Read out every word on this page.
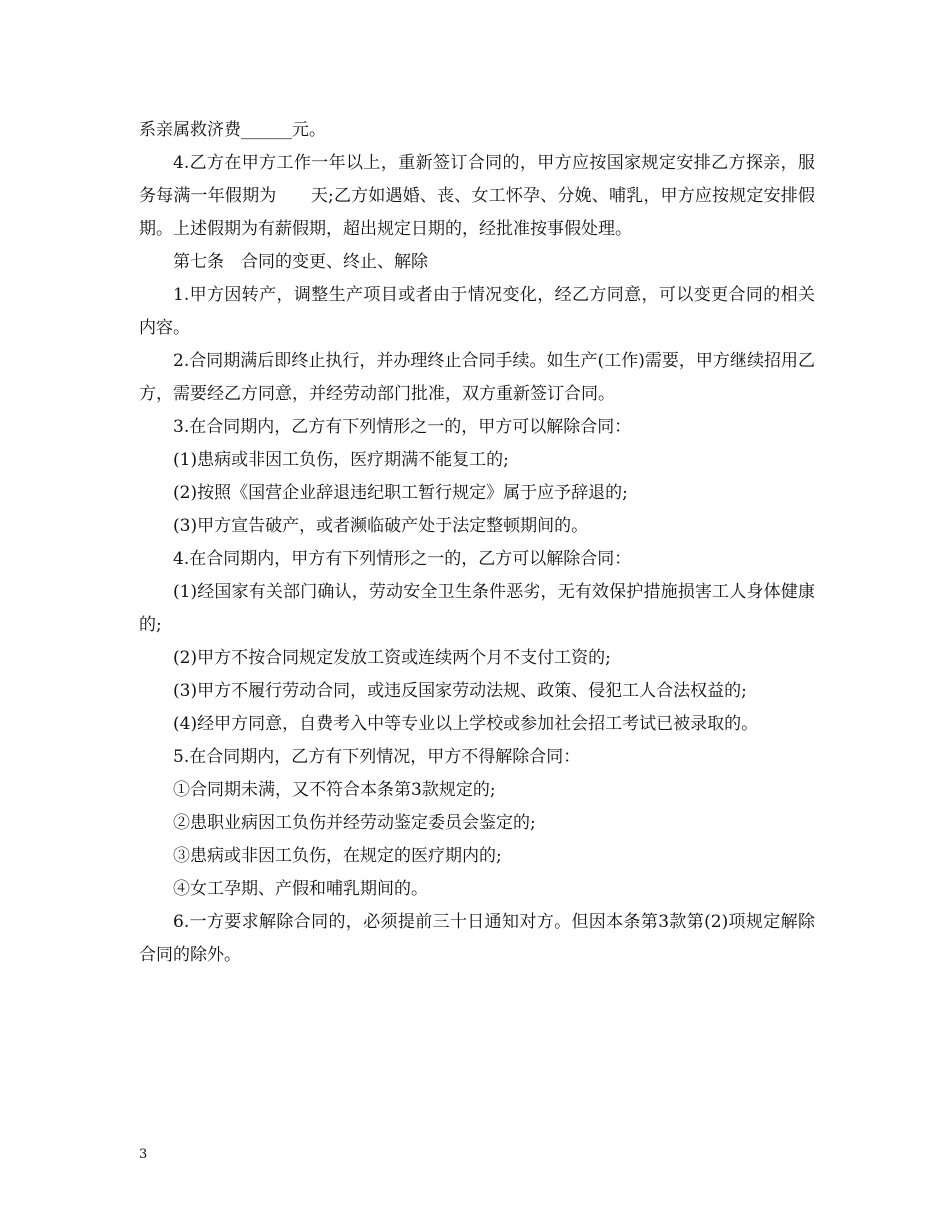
系亲属救济费______元。

4.乙方在甲方工作一年以上，重新签订合同的，甲方应按国家规定安排乙方探亲，服务每满一年假期为　　天;乙方如遇婚、丧、女工怀孕、分娩、哺乳，甲方应按规定安排假期。上述假期为有薪假期，超出规定日期的，经批准按事假处理。

第七条　合同的变更、终止、解除

1.甲方因转产，调整生产项目或者由于情况变化，经乙方同意，可以变更合同的相关内容。

2.合同期满后即终止执行，并办理终止合同手续。如生产(工作)需要，甲方继续招用乙方，需要经乙方同意，并经劳动部门批准，双方重新签订合同。

3.在合同期内，乙方有下列情形之一的，甲方可以解除合同：

(1)患病或非因工负伤，医疗期满不能复工的;

(2)按照《国营企业辞退违纪职工暂行规定》属于应予辞退的;

(3)甲方宣告破产，或者濒临破产处于法定整顿期间的。

4.在合同期内，甲方有下列情形之一的，乙方可以解除合同：

(1)经国家有关部门确认，劳动安全卫生条件恶劣，无有效保护措施损害工人身体健康的;

(2)甲方不按合同规定发放工资或连续两个月不支付工资的;

(3)甲方不履行劳动合同，或违反国家劳动法规、政策、侵犯工人合法权益的;

(4)经甲方同意，自费考入中等专业以上学校或参加社会招工考试已被录取的。

5.在合同期内，乙方有下列情况，甲方不得解除合同：

①合同期未满，又不符合本条第3款规定的;

②患职业病因工负伤并经劳动鉴定委员会鉴定的;

③患病或非因工负伤，在规定的医疗期内的;

④女工孕期、产假和哺乳期间的。

6.一方要求解除合同的，必须提前三十日通知对方。但因本条第3款第(2)项规定解除合同的除外。

3
